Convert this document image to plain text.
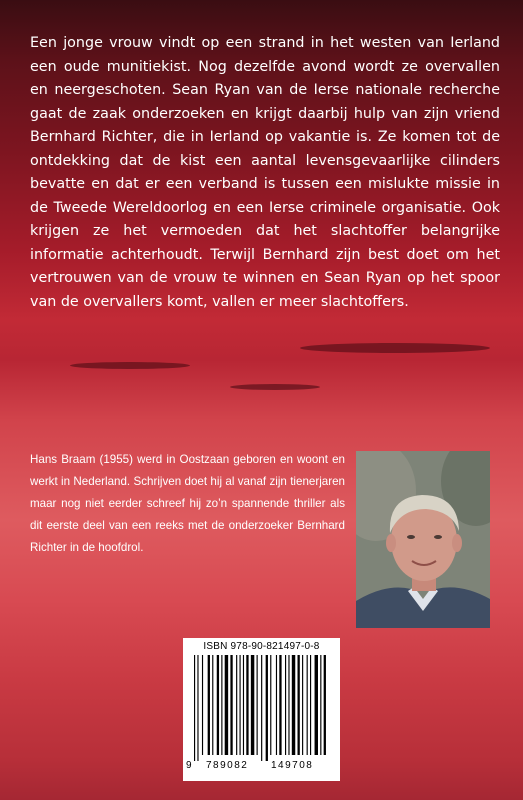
Een jonge vrouw vindt op een strand in het westen van Ierland een oude munitiekist. Nog dezelfde avond wordt ze overvallen en neergeschoten. Sean Ryan van de Ierse nationale recherche gaat de zaak onderzoeken en krijgt daarbij hulp van zijn vriend Bernhard Richter, die in Ierland op vakantie is. Ze komen tot de ontdekking dat de kist een aantal levensgevaarlijke cilinders bevatte en dat er een verband is tussen een mislukte missie in de Tweede Wereldoorlog en een Ierse criminele organisatie. Ook krijgen ze het vermoeden dat het slachtoffer belangrijke informatie achterhoudt. Terwijl Bernhard zijn best doet om het vertrouwen van de vrouw te winnen en Sean Ryan op het spoor van de overvallers komt, vallen er meer slachtoffers.

Hans Braam (1955) werd in Oostzaan geboren en woont en werkt in Nederland. Schrijven doet hij al vanaf zijn tienerjaren maar nog niet eerder schreef hij zo’n spannende thriller als dit eerste deel van een reeks met de onderzoeker Bernhard Richter in de hoofdrol.

ISBN 978-90-821497-0-8
9 789082 149708
